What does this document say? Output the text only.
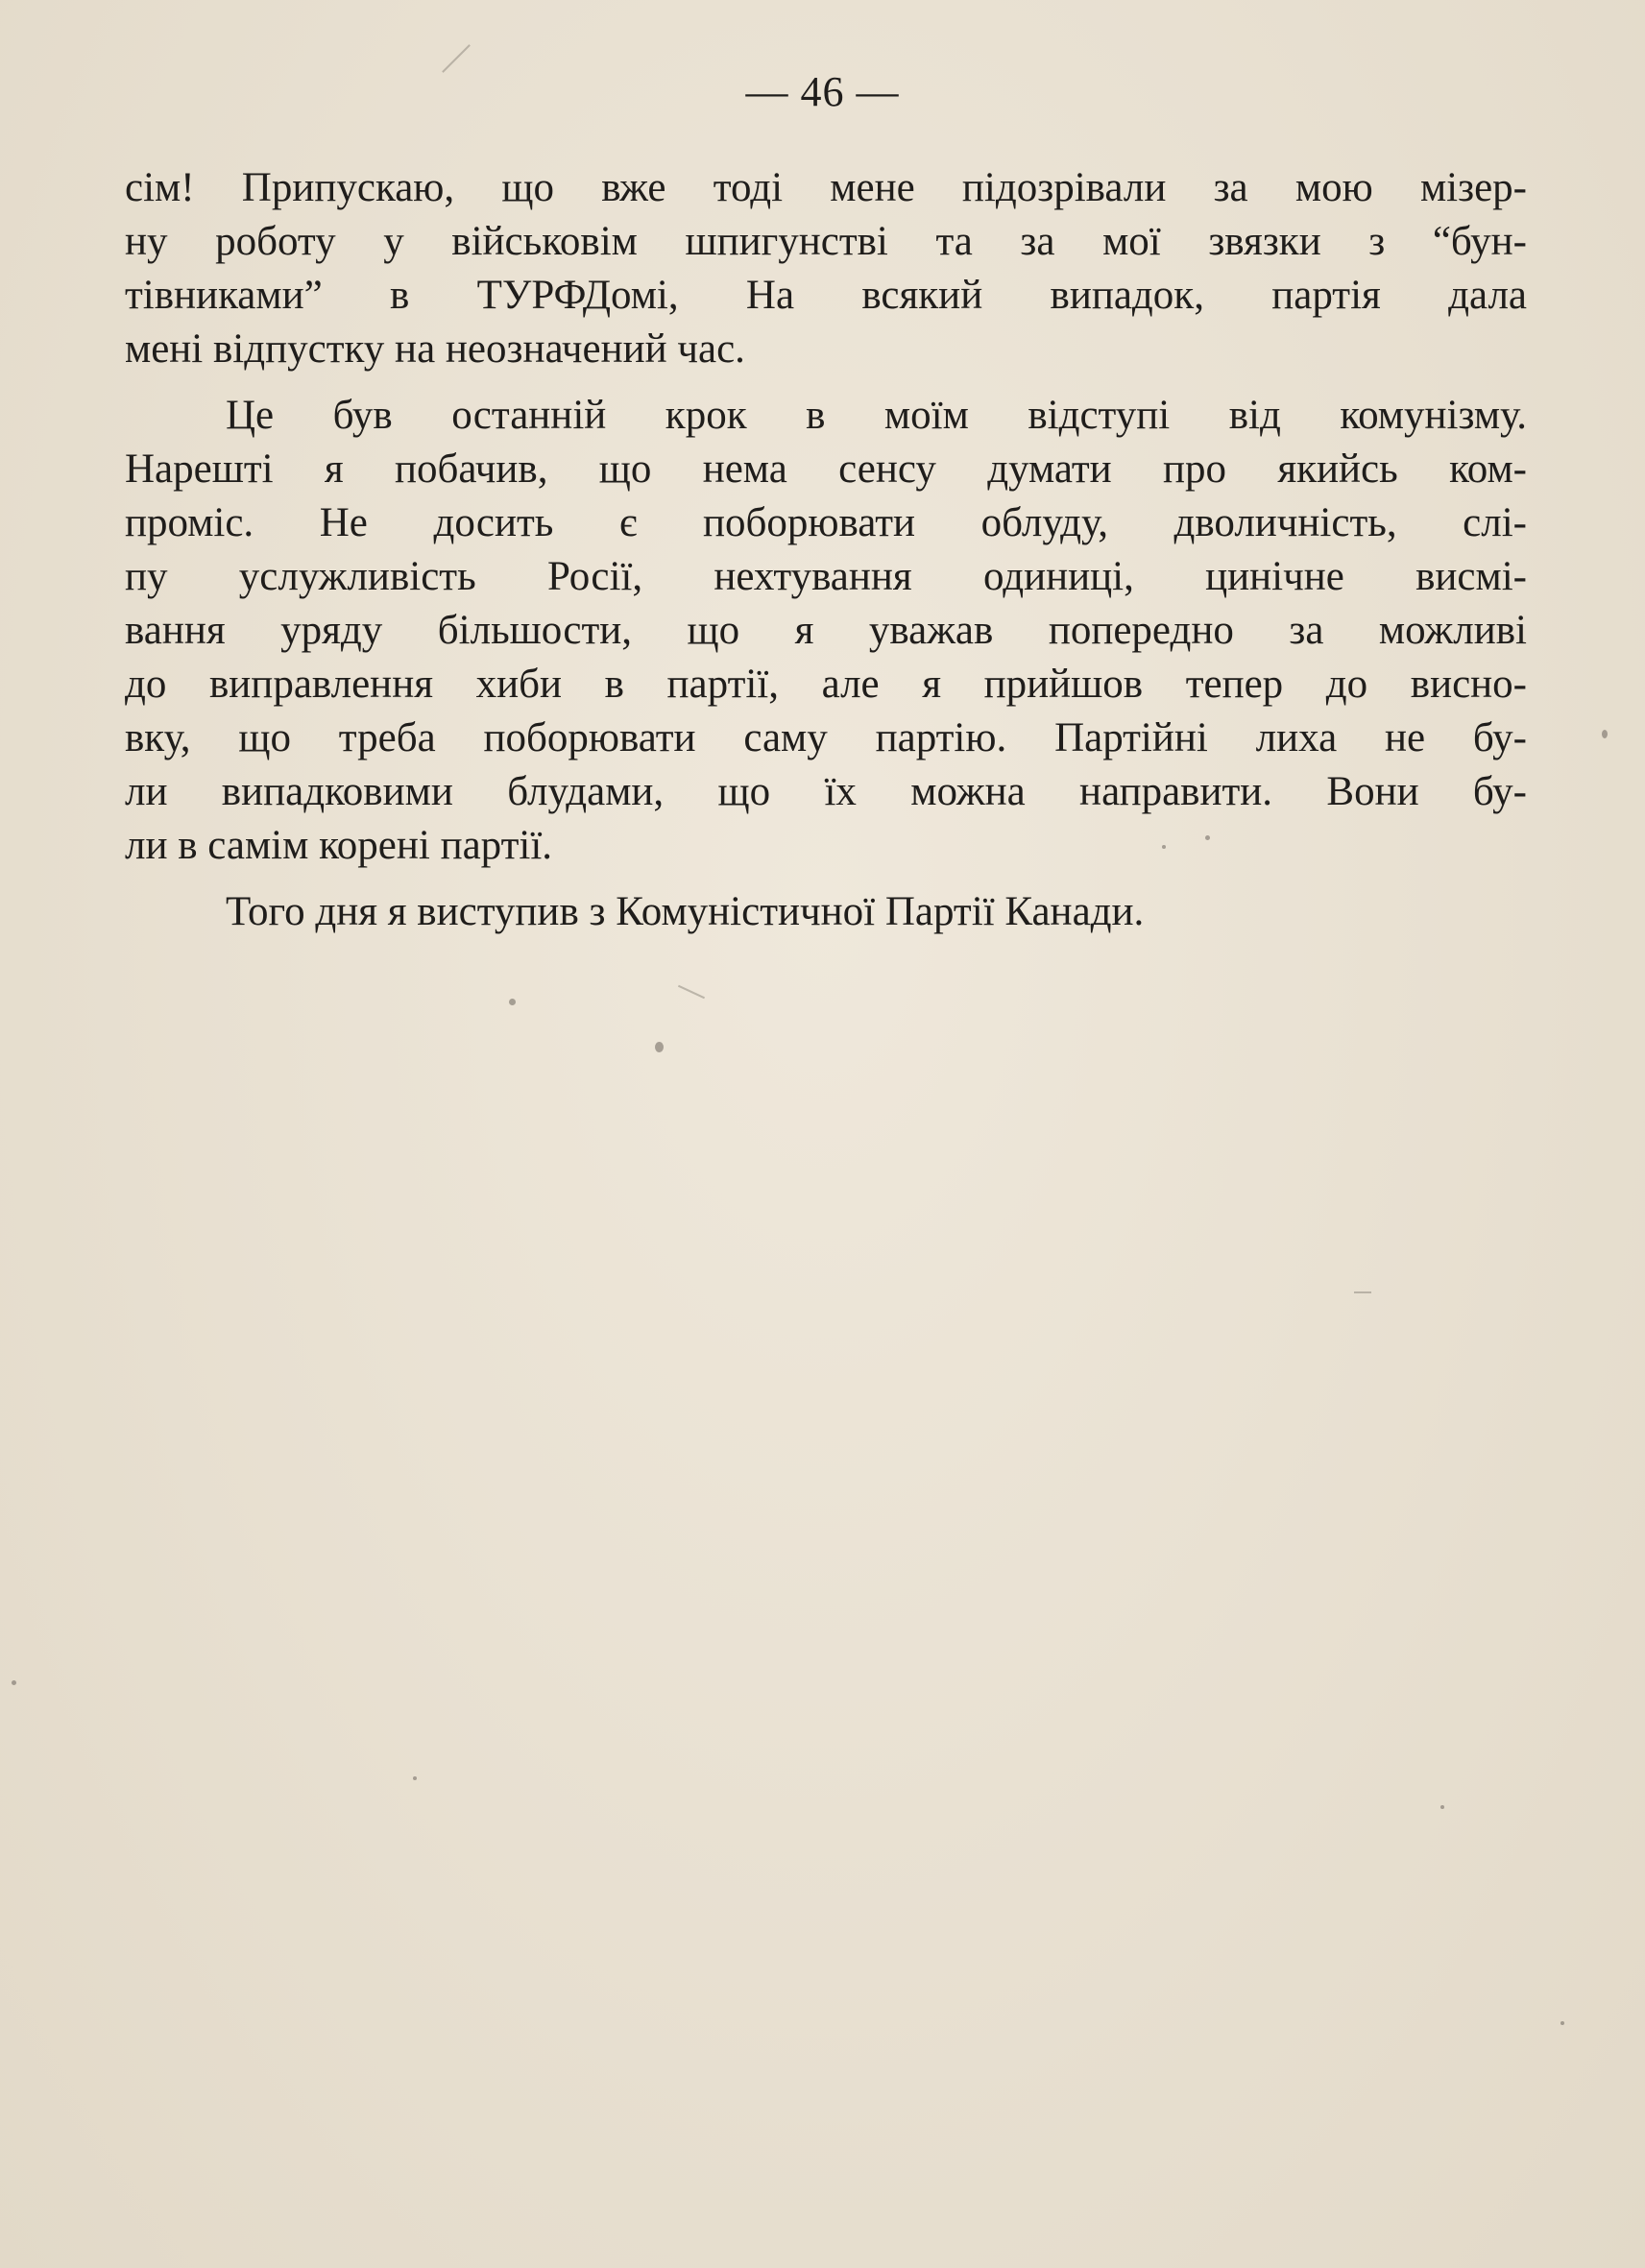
— 46 —
сім! Припускаю, що вже тоді мене підозрівали за мою мізер-
ну роботу у військовім шпигунстві та за мої звязки з “бун-
тівниками” в ТУРФДомі, На всякий випадок, партія дала
мені відпустку на неозначений час.
Це був останній крок в моїм відступі від комунізму.
Нарешті я побачив, що нема сенсу думати про якийсь ком-
проміс. Не досить є поборювати облуду, дволичність, слі-
пу услужливість Росії, нехтування одиниці, цинічне висмі-
вання уряду більшости, що я уважав попередно за можливі
до виправлення хиби в партії, але я прийшов тепер до висно-
вку, що треба поборювати саму партію. Партійні лиха не бу-
ли випадковими блудами, що їх можна направити. Вони бу-
ли в самім корені партії.
Того дня я виступив з Комуністичної Партії Канади.
